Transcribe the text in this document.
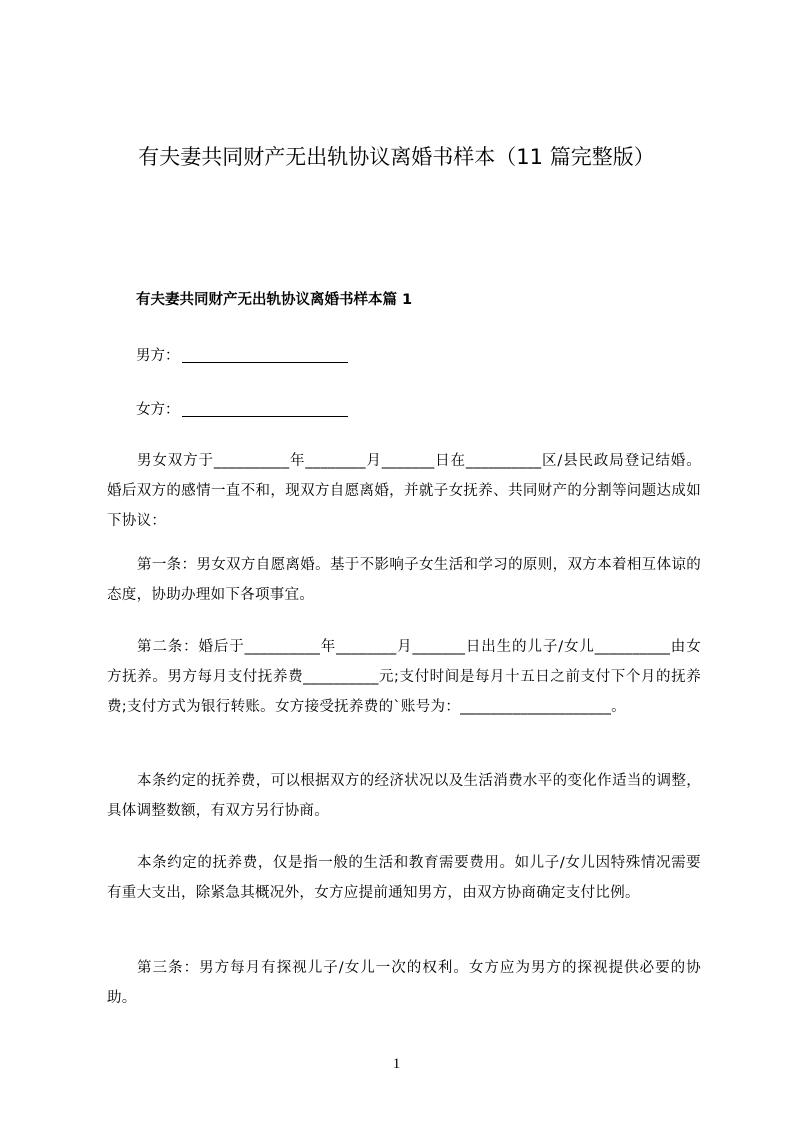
有夫妻共同财产无出轨协议离婚书样本（11 篇完整版）
有夫妻共同财产无出轨协议离婚书样本篇 1
男方：
女方：

男女双方于__________年________月_______日在__________区/县民政局登记结婚。婚后双方的感情一直不和，现双方自愿离婚，并就子女抚养、共同财产的分割等问题达成如下协议：

第一条：男女双方自愿离婚。基于不影响子女生活和学习的原则，双方本着相互体谅的态度，协助办理如下各项事宜。

第二条：婚后于__________年________月_______日出生的儿子/女儿__________由女方抚养。男方每月支付抚养费__________元;支付时间是每月十五日之前支付下个月的抚养费;支付方式为银行转账。女方接受抚养费的`账号为：____________________。

本条约定的抚养费，可以根据双方的经济状况以及生活消费水平的变化作适当的调整，具体调整数额，有双方另行协商。

本条约定的抚养费，仅是指一般的生活和教育需要费用。如儿子/女儿因特殊情况需要有重大支出，除紧急其概况外，女方应提前通知男方，由双方协商确定支付比例。

第三条：男方每月有探视儿子/女儿一次的权利。女方应为男方的探视提供必要的协助。

1
